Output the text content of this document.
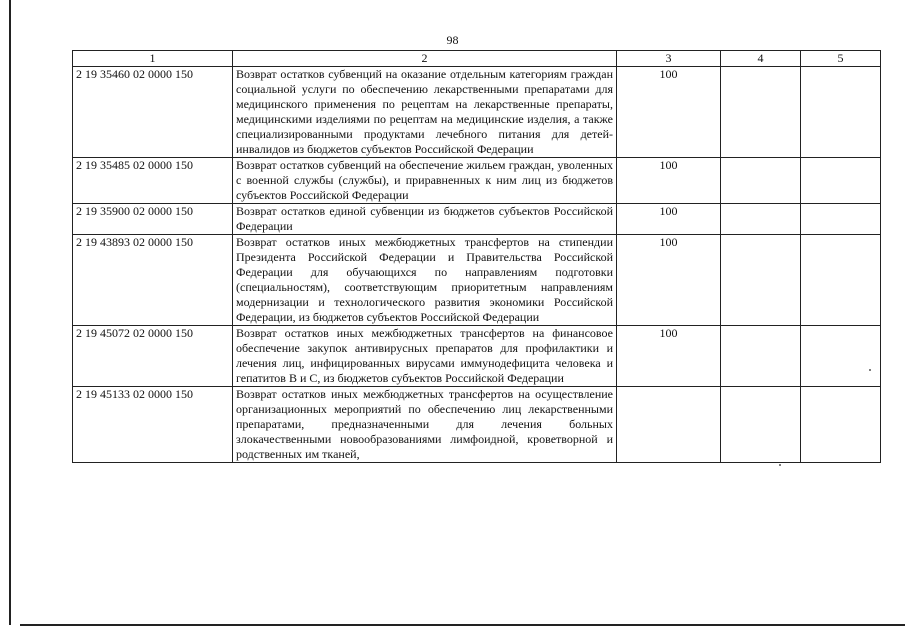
98
1	2	3	4	5
2 19 35460 02 0000 150	Возврат остатков субвенций на оказание отдельным категориям граждан социальной услуги по обеспечению лекарственными препаратами для медицинского применения по рецептам на лекарственные препараты, медицинскими изделиями по рецептам на медицинские изделия, а также специализированными продуктами лечебного питания для детей-инвалидов из бюджетов субъектов Российской Федерации	100		
2 19 35485 02 0000 150	Возврат остатков субвенций на обеспечение жильем граждан, уволенных с военной службы (службы), и приравненных к ним лиц из бюджетов субъектов Российской Федерации	100		
2 19 35900 02 0000 150	Возврат остатков единой субвенции из бюджетов субъектов Российской Федерации	100		
2 19 43893 02 0000 150	Возврат остатков иных межбюджетных трансфертов на стипендии Президента Российской Федерации и Правительства Российской Федерации для обучающихся по направлениям подготовки (специальностям), соответствующим приоритетным направлениям модернизации и технологического развития экономики Российской Федерации, из бюджетов субъектов Российской Федерации	100		
2 19 45072 02 0000 150	Возврат остатков иных межбюджетных трансфертов на финансовое обеспечение закупок антивирусных препаратов для профилактики и лечения лиц, инфицированных вирусами иммунодефицита человека и гепатитов В и С, из бюджетов субъектов Российской Федерации	100		
2 19 45133 02 0000 150	Возврат остатков иных межбюджетных трансфертов на осуществление организационных мероприятий по обеспечению лиц лекарственными препаратами, предназначенными для лечения больных злокачественными новообразованиями лимфоидной, кроветворной и родственных им тканей,			
